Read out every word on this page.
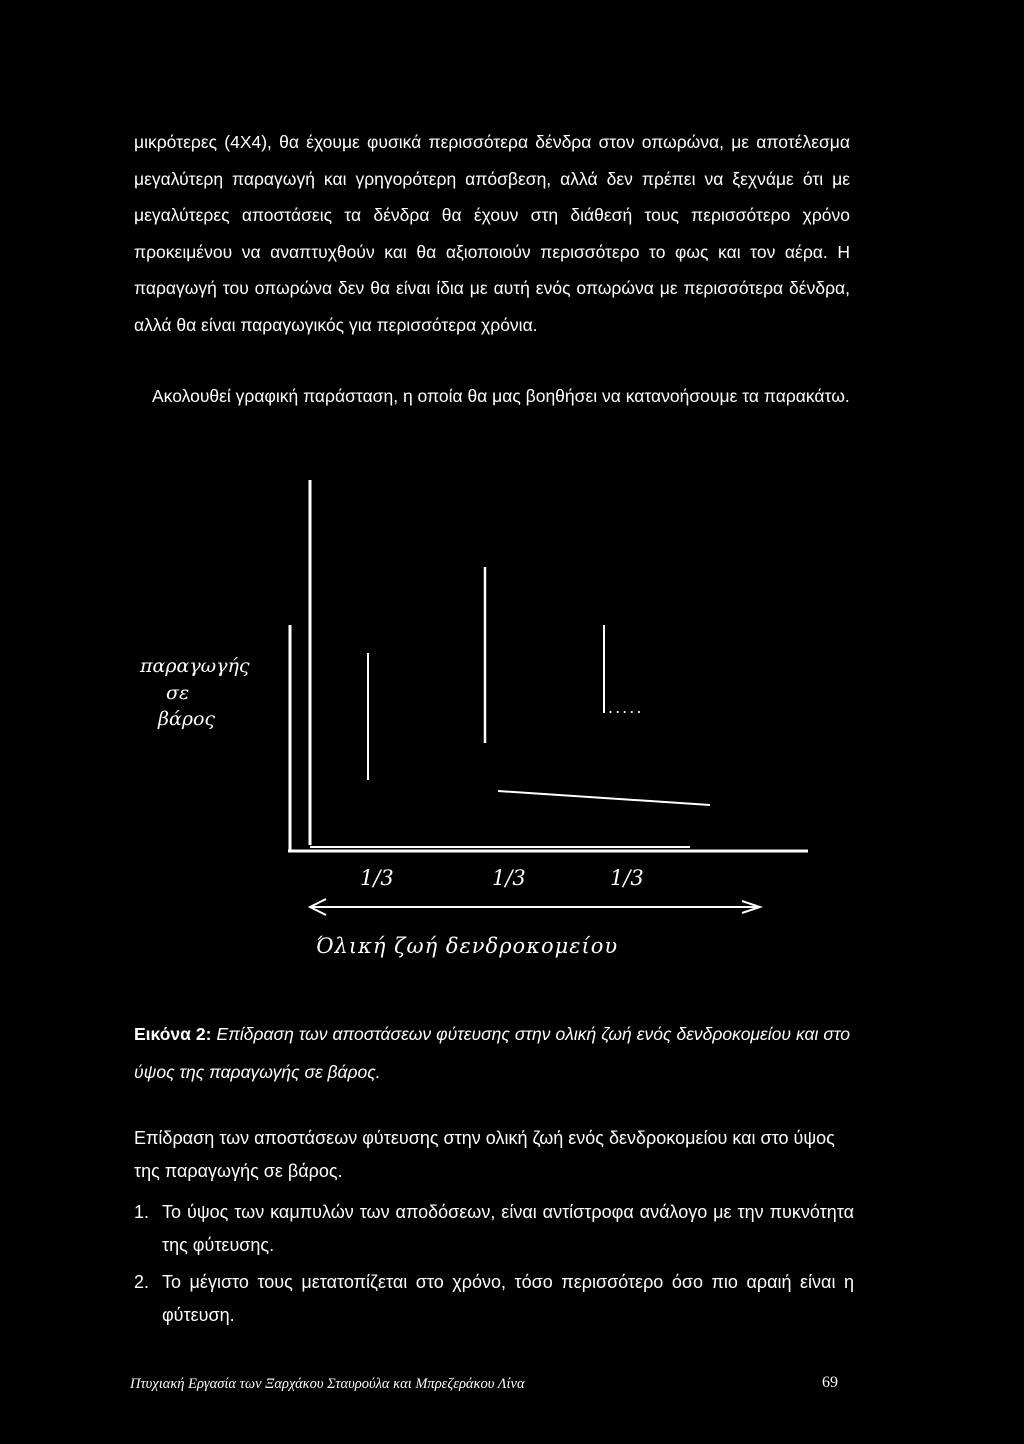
μικρότερες (4Χ4), θα έχουμε φυσικά περισσότερα δένδρα στον οπωρώνα, με αποτέλεσμα μεγαλύτερη παραγωγή και γρηγορότερη απόσβεση, αλλά δεν πρέπει να ξεχνάμε ότι με μεγαλύτερες αποστάσεις τα δένδρα θα έχουν στη διάθεσή τους περισσότερο χρόνο προκειμένου να αναπτυχθούν και θα αξιοποιούν περισσότερο το φως και τον αέρα. Η παραγωγή του οπωρώνα δεν θα είναι ίδια με αυτή ενός οπωρώνα με περισσότερα δένδρα, αλλά θα είναι παραγωγικός για περισσότερα χρόνια.
Ακολουθεί γραφική παράσταση, η οποία θα μας βοηθήσει να κατανοήσουμε τα παρακάτω.
παραγωγής
σε
βάρος
.....
1/3	1/3	1/3
Όλική ζωή δενδροκομείου
Εικόνα 2: Επίδραση των αποστάσεων φύτευσης στην ολική ζωή ενός δενδροκομείου και στο ύψος της παραγωγής σε βάρος.
Επίδραση των αποστάσεων φύτευσης στην ολική ζωή ενός δενδροκομείου και στο ύψος της παραγωγής σε βάρος.
1. Το ύψος των καμπυλών των αποδόσεων, είναι αντίστροφα ανάλογο με την πυκνότητα της φύτευσης.
2. Το μέγιστο τους μετατοπίζεται στο χρόνο, τόσο περισσότερο όσο πιο αραιή είναι η φύτευση.
Πτυχιακή Εργασία των Ξαρχάκου Σταυρούλα και Μπρεζεράκου Λίνα	69
